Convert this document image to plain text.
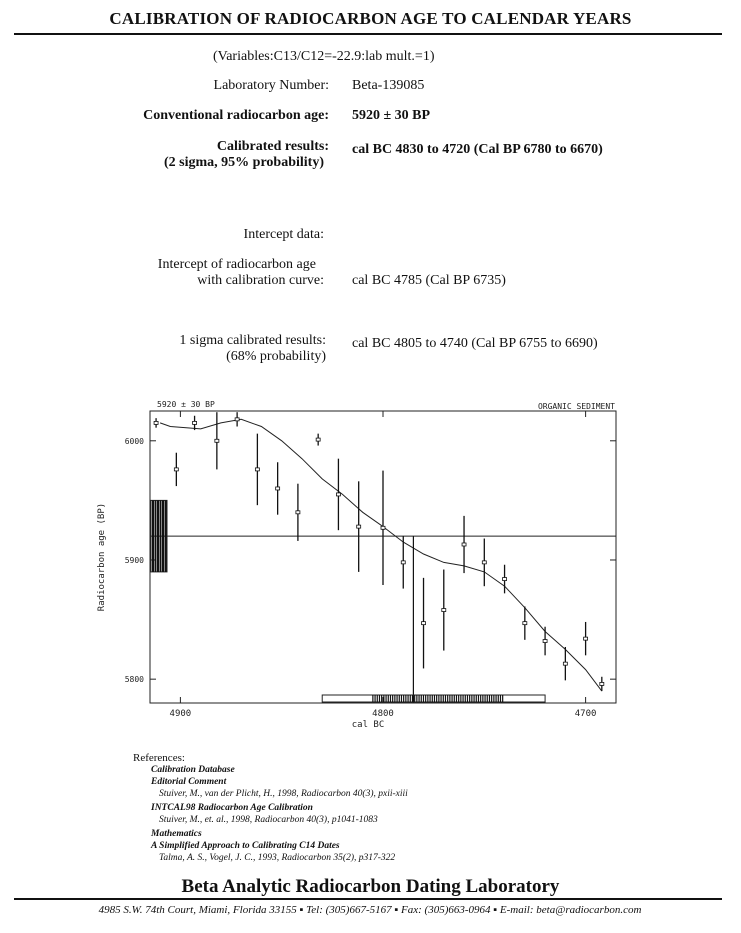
CALIBRATION OF RADIOCARBON AGE TO CALENDAR YEARS
(Variables:C13/C12=-22.9:lab mult.=1)
Laboratory Number: Beta-139085
Conventional radiocarbon age: 5920 ± 30 BP
Calibrated results:
(2 sigma, 95% probability)
cal BC 4830 to 4720 (Cal BP 6780 to 6670)
Intercept data:
Intercept of radiocarbon age
with calibration curve: cal BC 4785 (Cal BP 6735)
1 sigma calibrated results:
(68% probability)
cal BC 4805 to 4740 (Cal BP 6755 to 6690)
5920 ± 30 BP	ORGANIC SEDIMENT
cal BC
Radiocarbon age (BP)
4900	4800	4700
6000
5900
5800
References:
Calibration Database
Editorial Comment
Stuiver, M., van der Plicht, H., 1998, Radiocarbon 40(3), pxii-xiii
INTCAL98 Radiocarbon Age Calibration
Stuiver, M., et. al., 1998, Radiocarbon 40(3), p1041-1083
Mathematics
A Simplified Approach to Calibrating C14 Dates
Talma, A. S., Vogel, J. C., 1993, Radiocarbon 35(2), p317-322
Beta Analytic Radiocarbon Dating Laboratory
4985 S.W. 74th Court, Miami, Florida 33155 ▪ Tel: (305)667-5167 ▪ Fax: (305)663-0964 ▪ E-mail: beta@radiocarbon.com
